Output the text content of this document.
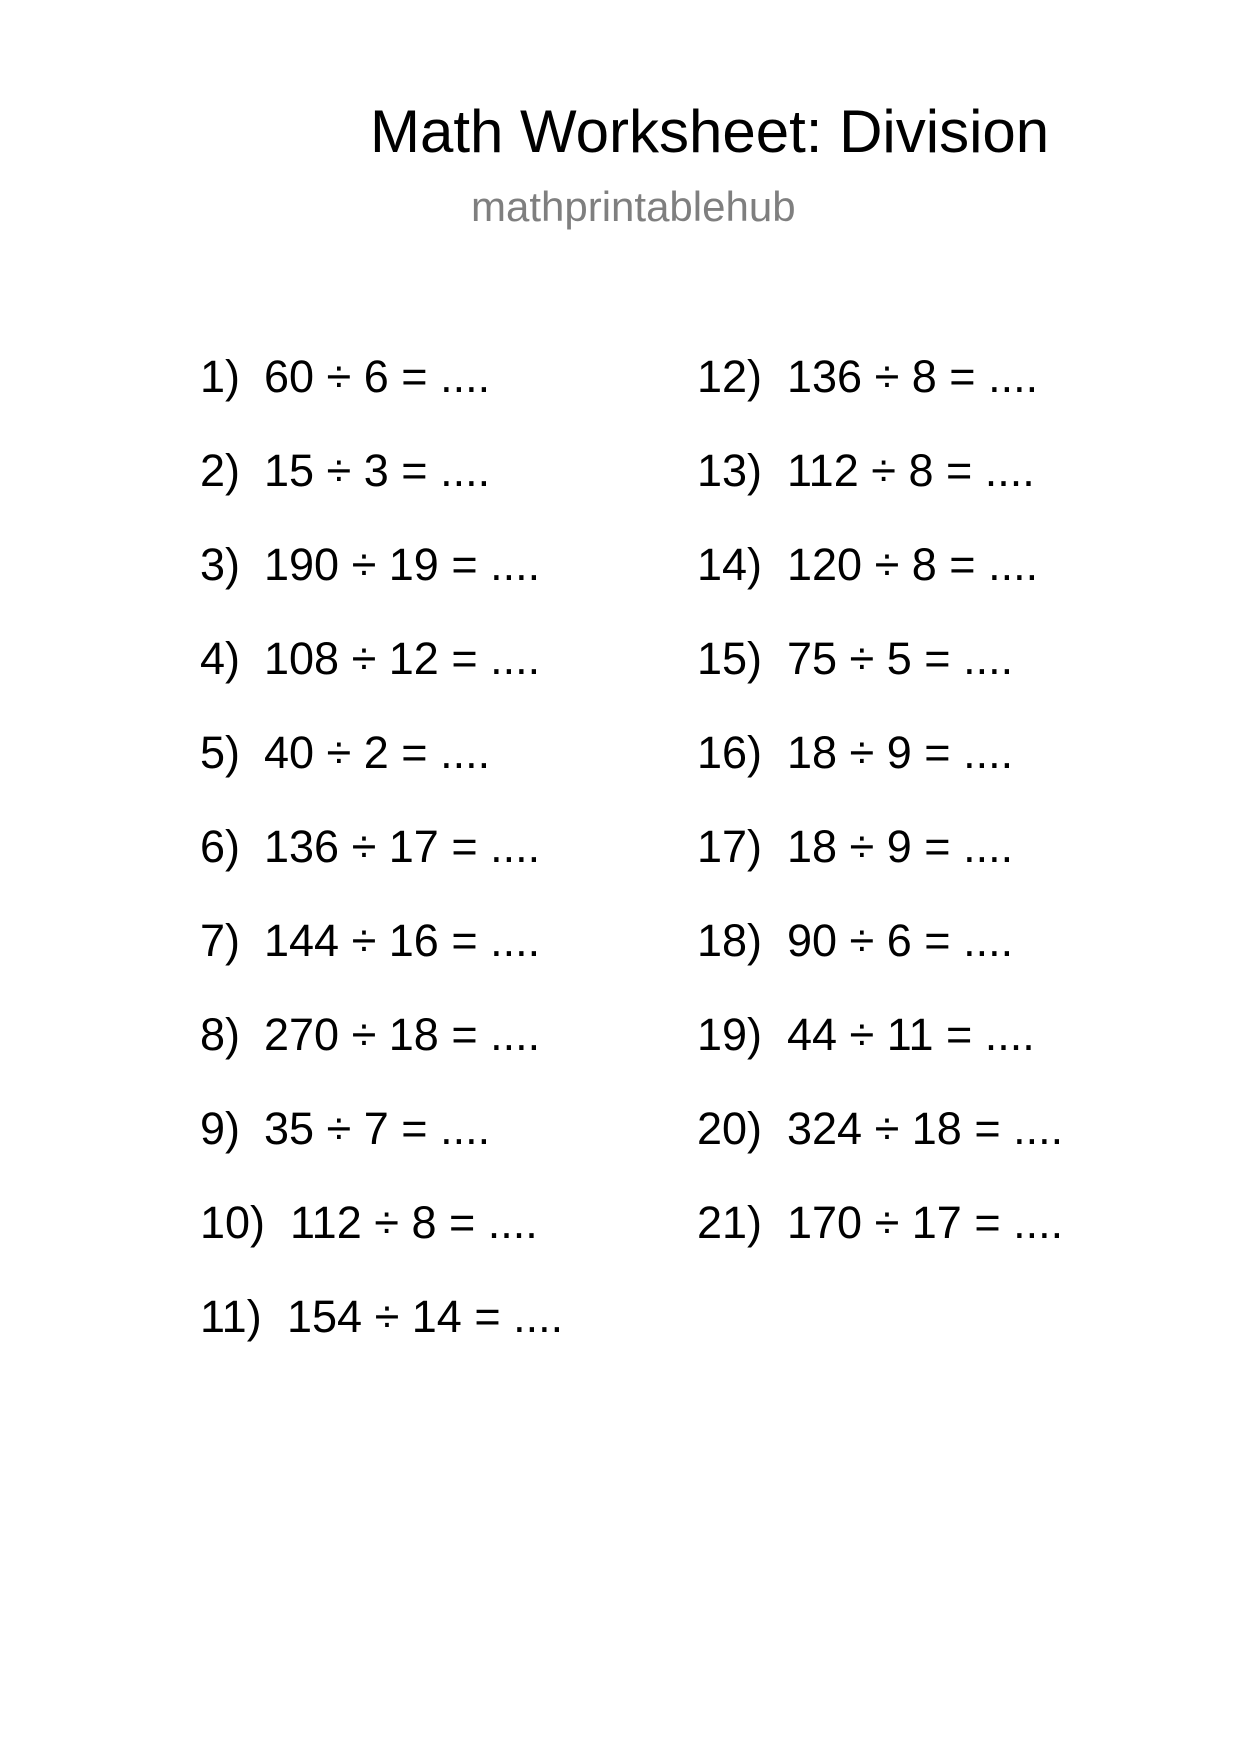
Math Worksheet: Division
mathprintablehub
1) 60 ÷ 6 = ....
2) 15 ÷ 3 = ....
3) 190 ÷ 19 = ....
4) 108 ÷ 12 = ....
5) 40 ÷ 2 = ....
6) 136 ÷ 17 = ....
7) 144 ÷ 16 = ....
8) 270 ÷ 18 = ....
9) 35 ÷ 7 = ....
10) 112 ÷ 8 = ....
11) 154 ÷ 14 = ....
12) 136 ÷ 8 = ....
13) 112 ÷ 8 = ....
14) 120 ÷ 8 = ....
15) 75 ÷ 5 = ....
16) 18 ÷ 9 = ....
17) 18 ÷ 9 = ....
18) 90 ÷ 6 = ....
19) 44 ÷ 11 = ....
20) 324 ÷ 18 = ....
21) 170 ÷ 17 = ....
